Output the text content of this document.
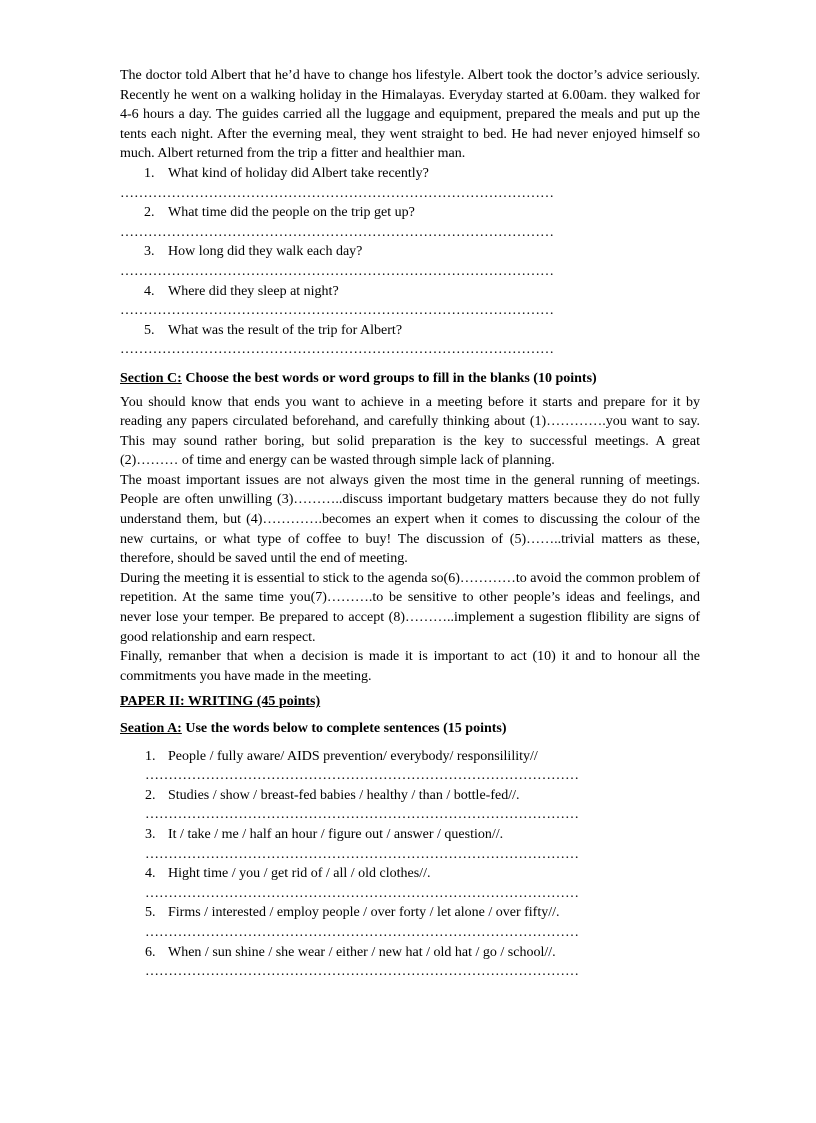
The doctor told Albert that he’d have to change hos lifestyle. Albert took the doctor’s advice seriously. Recently he went on a walking holiday in the Himalayas. Everyday started at 6.00am. they walked for 4-6 hours a day. The guides carried all the luggage and equipment, prepared the meals and put up the tents each night. After the everning meal, they went straight to bed. He had never enjoyed himself so much. Albert returned from the trip a fitter and healthier man.

1. What kind of holiday did Albert take recently?
…………………………………………………………………………………
2. What time did the people on the trip get up?
…………………………………………………………………………………
3. How long did they walk each day?
…………………………………………………………………………………
4. Where did they sleep at night?
…………………………………………………………………………………
5. What was the result of the trip for Albert?
…………………………………………………………………………………

Section C: Choose the best words or word groups to fill in the blanks (10 points)

You should know that ends you want to achieve in a meeting before it starts and prepare for it by reading any papers circulated beforehand, and carefully thinking about (1)………….you want to say. This may sound rather boring, but solid preparation is the key to successful meetings. A great (2)……… of time and energy can be wasted through simple lack of planning.

The moast important issues are not always given the most time in the general running of meetings. People are often unwilling (3)………..discuss important budgetary matters because they do not fully understand them, but (4)………….becomes an expert when it comes to discussing the colour of the new curtains, or what type of coffee to buy! The discussion of (5)……..trivial matters as these, therefore, should be saved until the end of meeting.

During the meeting it is essential to stick to the agenda so(6)…………to avoid the common problem of repetition. At the same time you(7)……….to be sensitive to other people’s ideas and feelings, and never lose your temper. Be prepared to accept (8)………..implement a sugestion flibility are signs of good relationship and earn respect.

Finally, remanber that when a decision is made it is important to act (10) it and to honour all the commitments you have made in the meeting.

PAPER II: WRITING (45 points)

Seation A: Use the words below to complete sentences (15 points)

1. People / fully aware/ AIDS prevention/ everybody/ responsilility//
…………………………………………………………………………………
2. Studies / show / breast-fed babies / healthy / than / bottle-fed//.
…………………………………………………………………………………
3. It / take / me / half an hour / figure out / answer / question//.
…………………………………………………………………………………
4. Hight time / you / get rid of / all / old clothes//.
…………………………………………………………………………………
5. Firms / interested / employ people / over forty / let alone / over fifty//.
…………………………………………………………………………………
6. When / sun shine / she wear / either / new hat / old hat / go / school//.
…………………………………………………………………………………
